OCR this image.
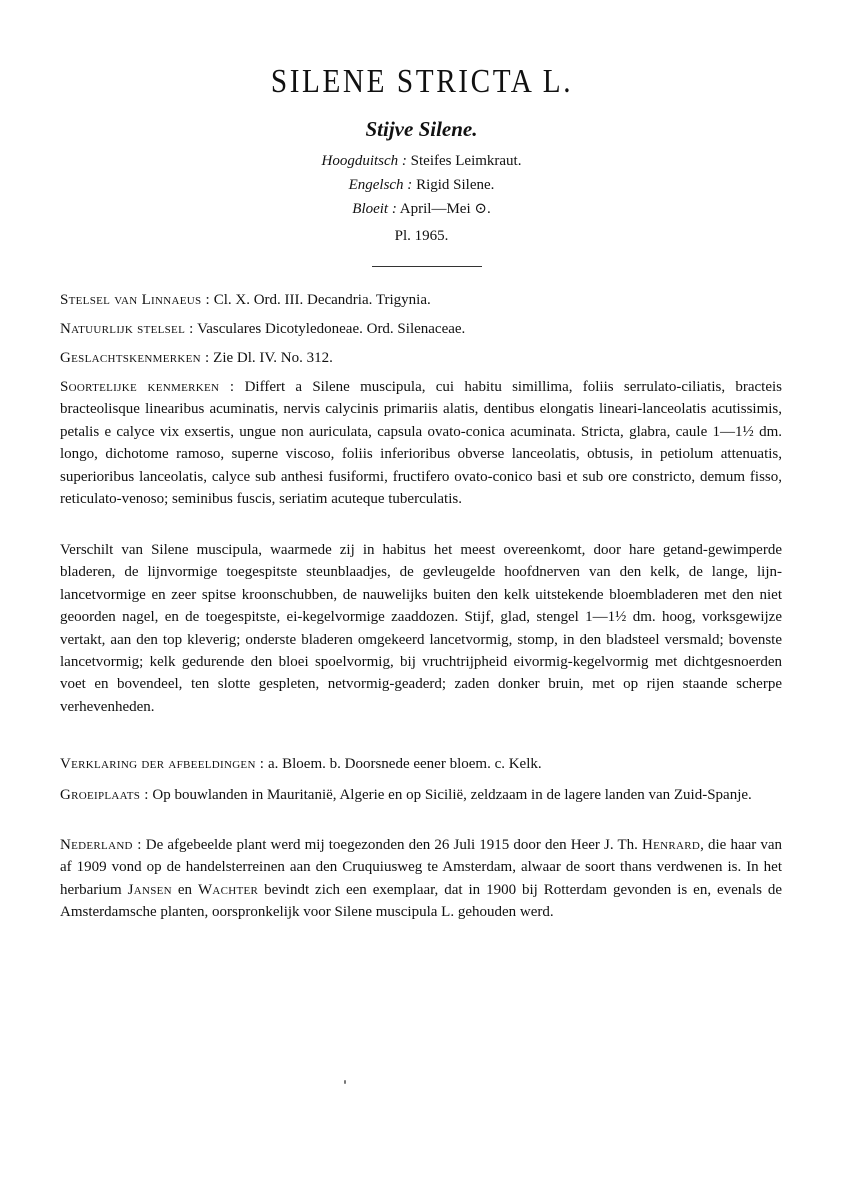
SILENE STRICTA L.
Stijve Silene.
Hoogduitsch : Steifes Leimkraut.
Engelsch : Rigid Silene.
Bloeit : April—Mei ⊙.
Pl. 1965.
Stelsel van Linnaeus : Cl. X. Ord. III. Decandria. Trigynia.
Natuurlijk stelsel : Vasculares Dicotyledoneae. Ord. Silenaceae.
Geslachtskenmerken : Zie Dl. IV. No. 312.
Soortelijke kenmerken : Differt a Silene muscipula, cui habitu simillima, foliis serrulato-ciliatis, bracteis bracteolisque linearibus acuminatis, nervis calycinis primariis alatis, dentibus elongatis lineari-lanceolatis acutissimis, petalis e calyce vix exsertis, ungue non auriculata, capsula ovato-conica acuminata. Stricta, glabra, caule 1—1½ dm. longo, dichotome ramoso, superne viscoso, foliis inferioribus obverse lanceolatis, obtusis, in petiolum attenuatis, superioribus lanceolatis, calyce sub anthesi fusiformi, fructifero ovato-conico basi et sub ore constricto, demum fisso, reticulato-venoso; seminibus fuscis, seriatim acuteque tuberculatis.
Verschilt van Silene muscipula, waarmede zij in habitus het meest overeenkomt, door hare getand-gewimperde bladeren, de lijnvormige toegespitste steunblaadjes, de gevleugelde hoofdnerven van den kelk, de lange, lijn-lancetvormige en zeer spitse kroonschubben, de nauwelijks buiten den kelk uitstekende bloembladeren met den niet geoorden nagel, en de toegespitste, ei-kegelvormige zaaddozen. Stijf, glad, stengel 1—1½ dm. hoog, vorksgewijze vertakt, aan den top kleverig; onderste bladeren omgekeerd lancetvormig, stomp, in den bladsteel versmald; bovenste lancetvormig; kelk gedurende den bloei spoelvormig, bij vruchtrijpheid eivormig-kegelvormig met dichtgesnoerden voet en bovendeel, ten slotte gespleten, netvormig-geaderd; zaden donker bruin, met op rijen staande scherpe verhevenheden.
Verklaring der afbeeldingen : a. Bloem. b. Doorsnede eener bloem. c. Kelk.
Groeiplaats : Op bouwlanden in Mauritanië, Algerie en op Sicilië, zeldzaam in de lagere landen van Zuid-Spanje.
Nederland : De afgebeelde plant werd mij toegezonden den 26 Juli 1915 door den Heer J. Th. Henrard, die haar van af 1909 vond op de handelsterreinen aan den Cruquiusweg te Amsterdam, alwaar de soort thans verdwenen is. In het herbarium Jansen en Wachter bevindt zich een exemplaar, dat in 1900 bij Rotterdam gevonden is en, evenals de Amsterdamsche planten, oorspronkelijk voor Silene muscipula L. gehouden werd.
